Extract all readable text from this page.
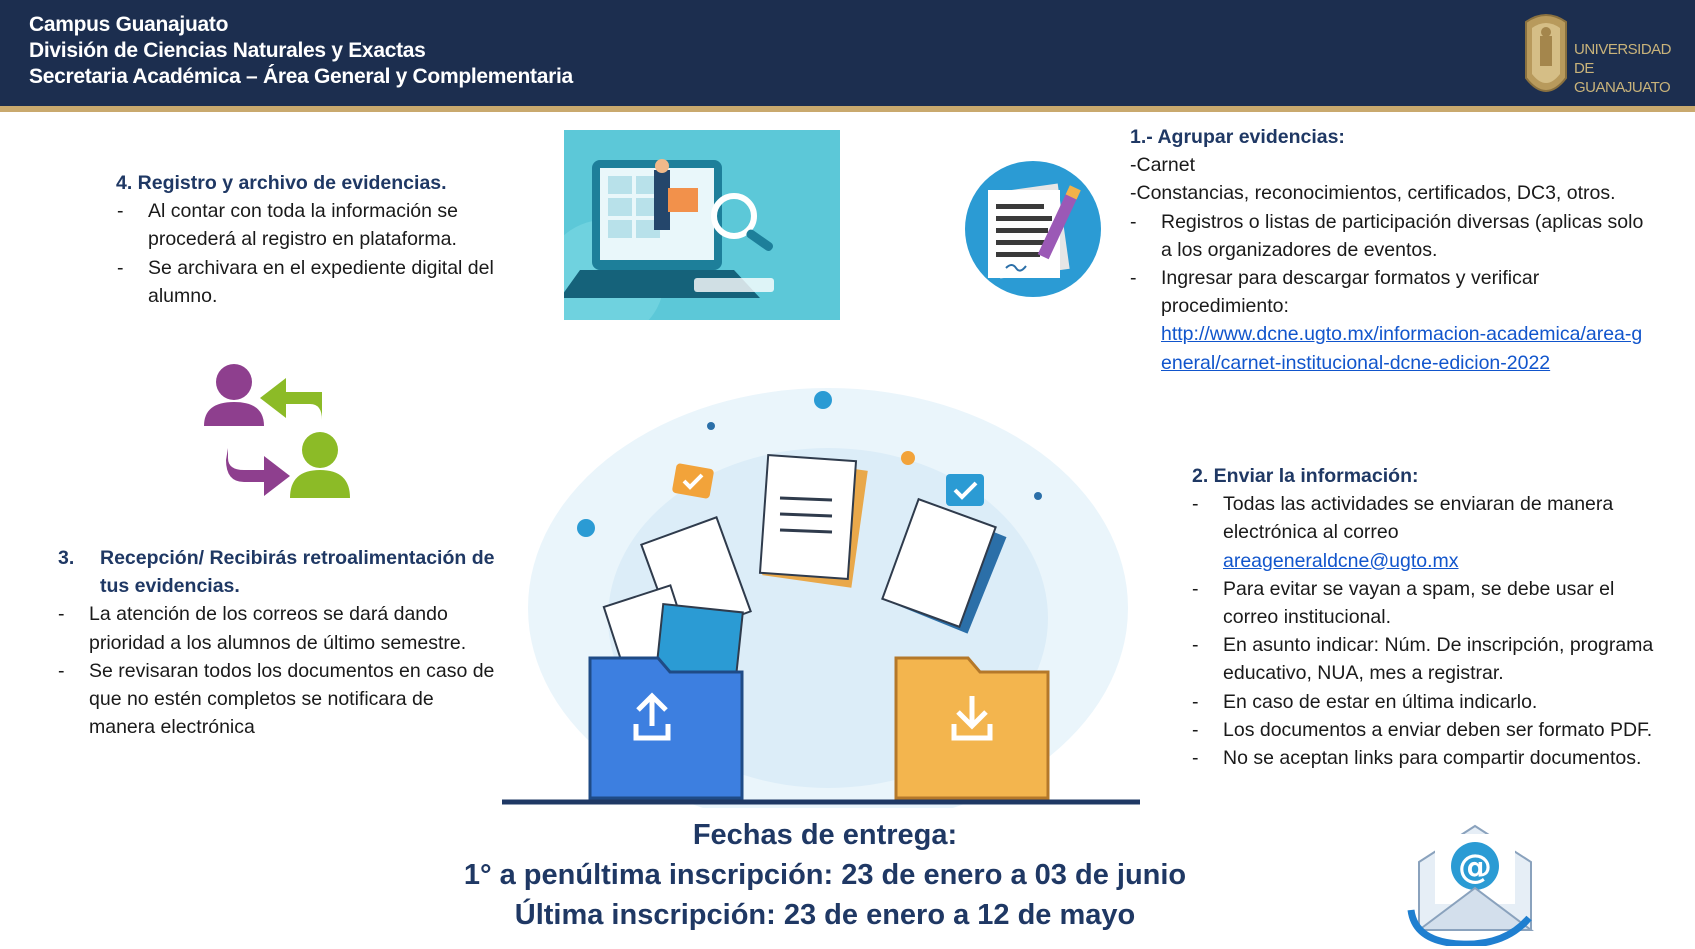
Campus Guanajuato
División de Ciencias Naturales y Exactas
Secretaria Académica – Área General y Complementaria
UNIVERSIDAD DE
GUANAJUATO
4. Registro y archivo de evidencias.
- Al contar con toda la información se procederá al registro en plataforma.
- Se archivara en el expediente digital del alumno.
1.- Agrupar evidencias:
-Carnet
-Constancias, reconocimientos, certificados, DC3, otros.
- Registros o listas de participación diversas (aplicas solo a los organizadores de eventos.
- Ingresar para descargar formatos y verificar procedimiento:
http://www.dcne.ugto.mx/informacion-academica/area-general/carnet-institucional-dcne-edicion-2022
2. Enviar la información:
- Todas las actividades se enviaran de manera electrónica al correo
areageneraldcne@ugto.mx
- Para evitar se vayan a spam, se debe usar el correo institucional.
- En asunto indicar: Núm. De inscripción, programa educativo, NUA, mes a registrar.
- En caso de estar en última indicarlo.
- Los documentos a enviar deben ser formato PDF.
- No se aceptan links para compartir documentos.
3. Recepción/ Recibirás retroalimentación de tus evidencias.
- La atención de los correos se dará dando prioridad a los alumnos de último semestre.
- Se revisaran todos los documentos en caso de que no estén completos se notificara de manera electrónica
Fechas de entrega:
1° a penúltima inscripción: 23 de enero a 03 de junio
Última inscripción: 23 de enero a 12 de mayo
@
